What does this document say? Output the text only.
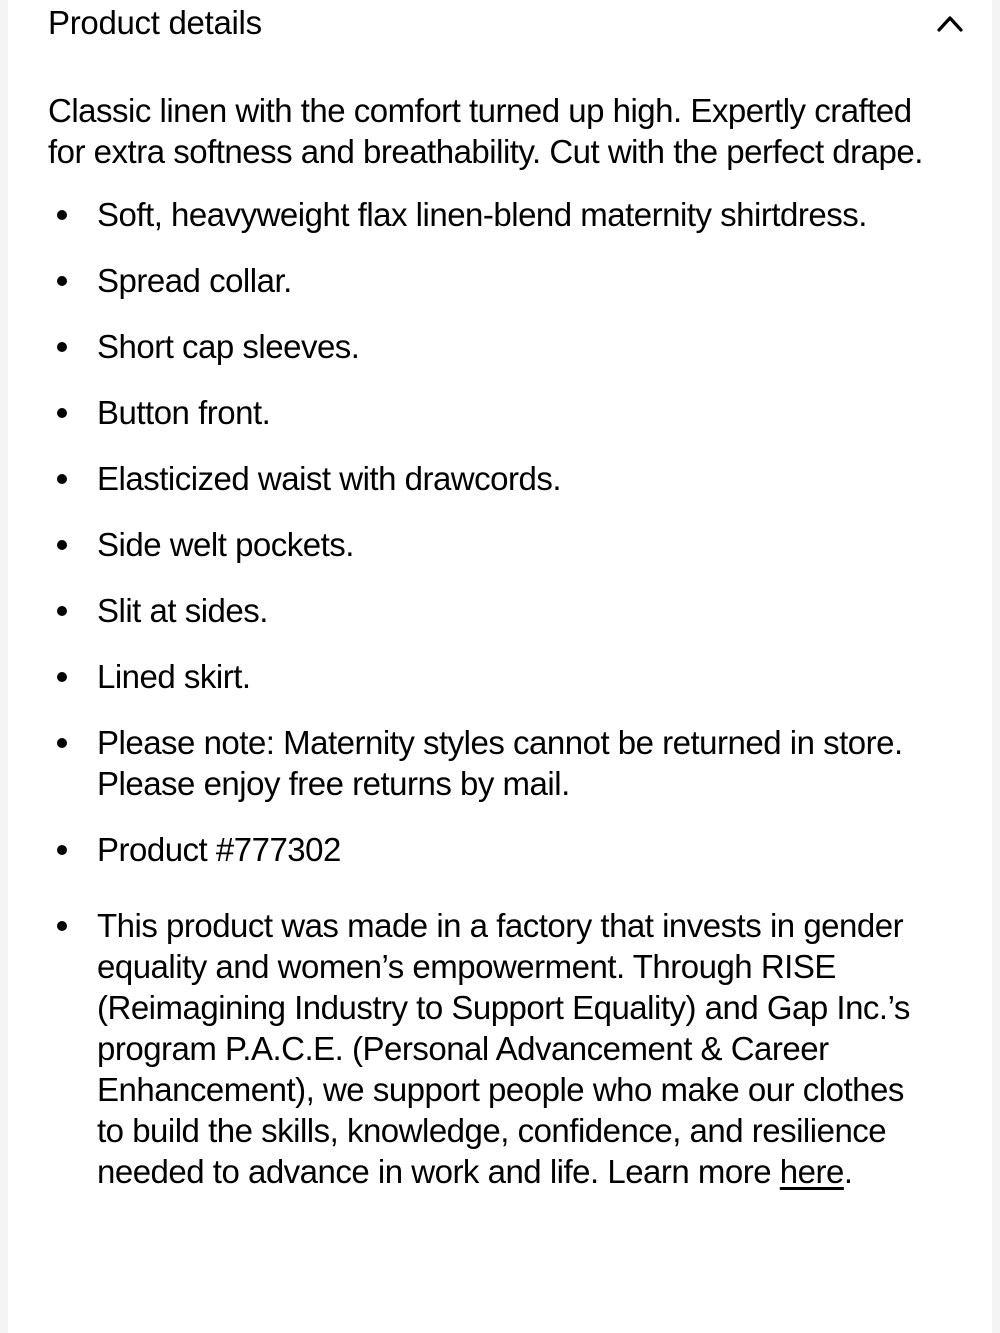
Product details

Classic linen with the comfort turned up high. Expertly crafted for extra softness and breathability. Cut with the perfect drape.

Soft, heavyweight flax linen-blend maternity shirtdress.
Spread collar.
Short cap sleeves.
Button front.
Elasticized waist with drawcords.
Side welt pockets.
Slit at sides.
Lined skirt.
Please note: Maternity styles cannot be returned in store. Please enjoy free returns by mail.
Product #777302
This product was made in a factory that invests in gender equality and women’s empowerment. Through RISE (Reimagining Industry to Support Equality) and Gap Inc.’s program P.A.C.E. (Personal Advancement & Career Enhancement), we support people who make our clothes to build the skills, knowledge, confidence, and resilience needed to advance in work and life. Learn more here.
